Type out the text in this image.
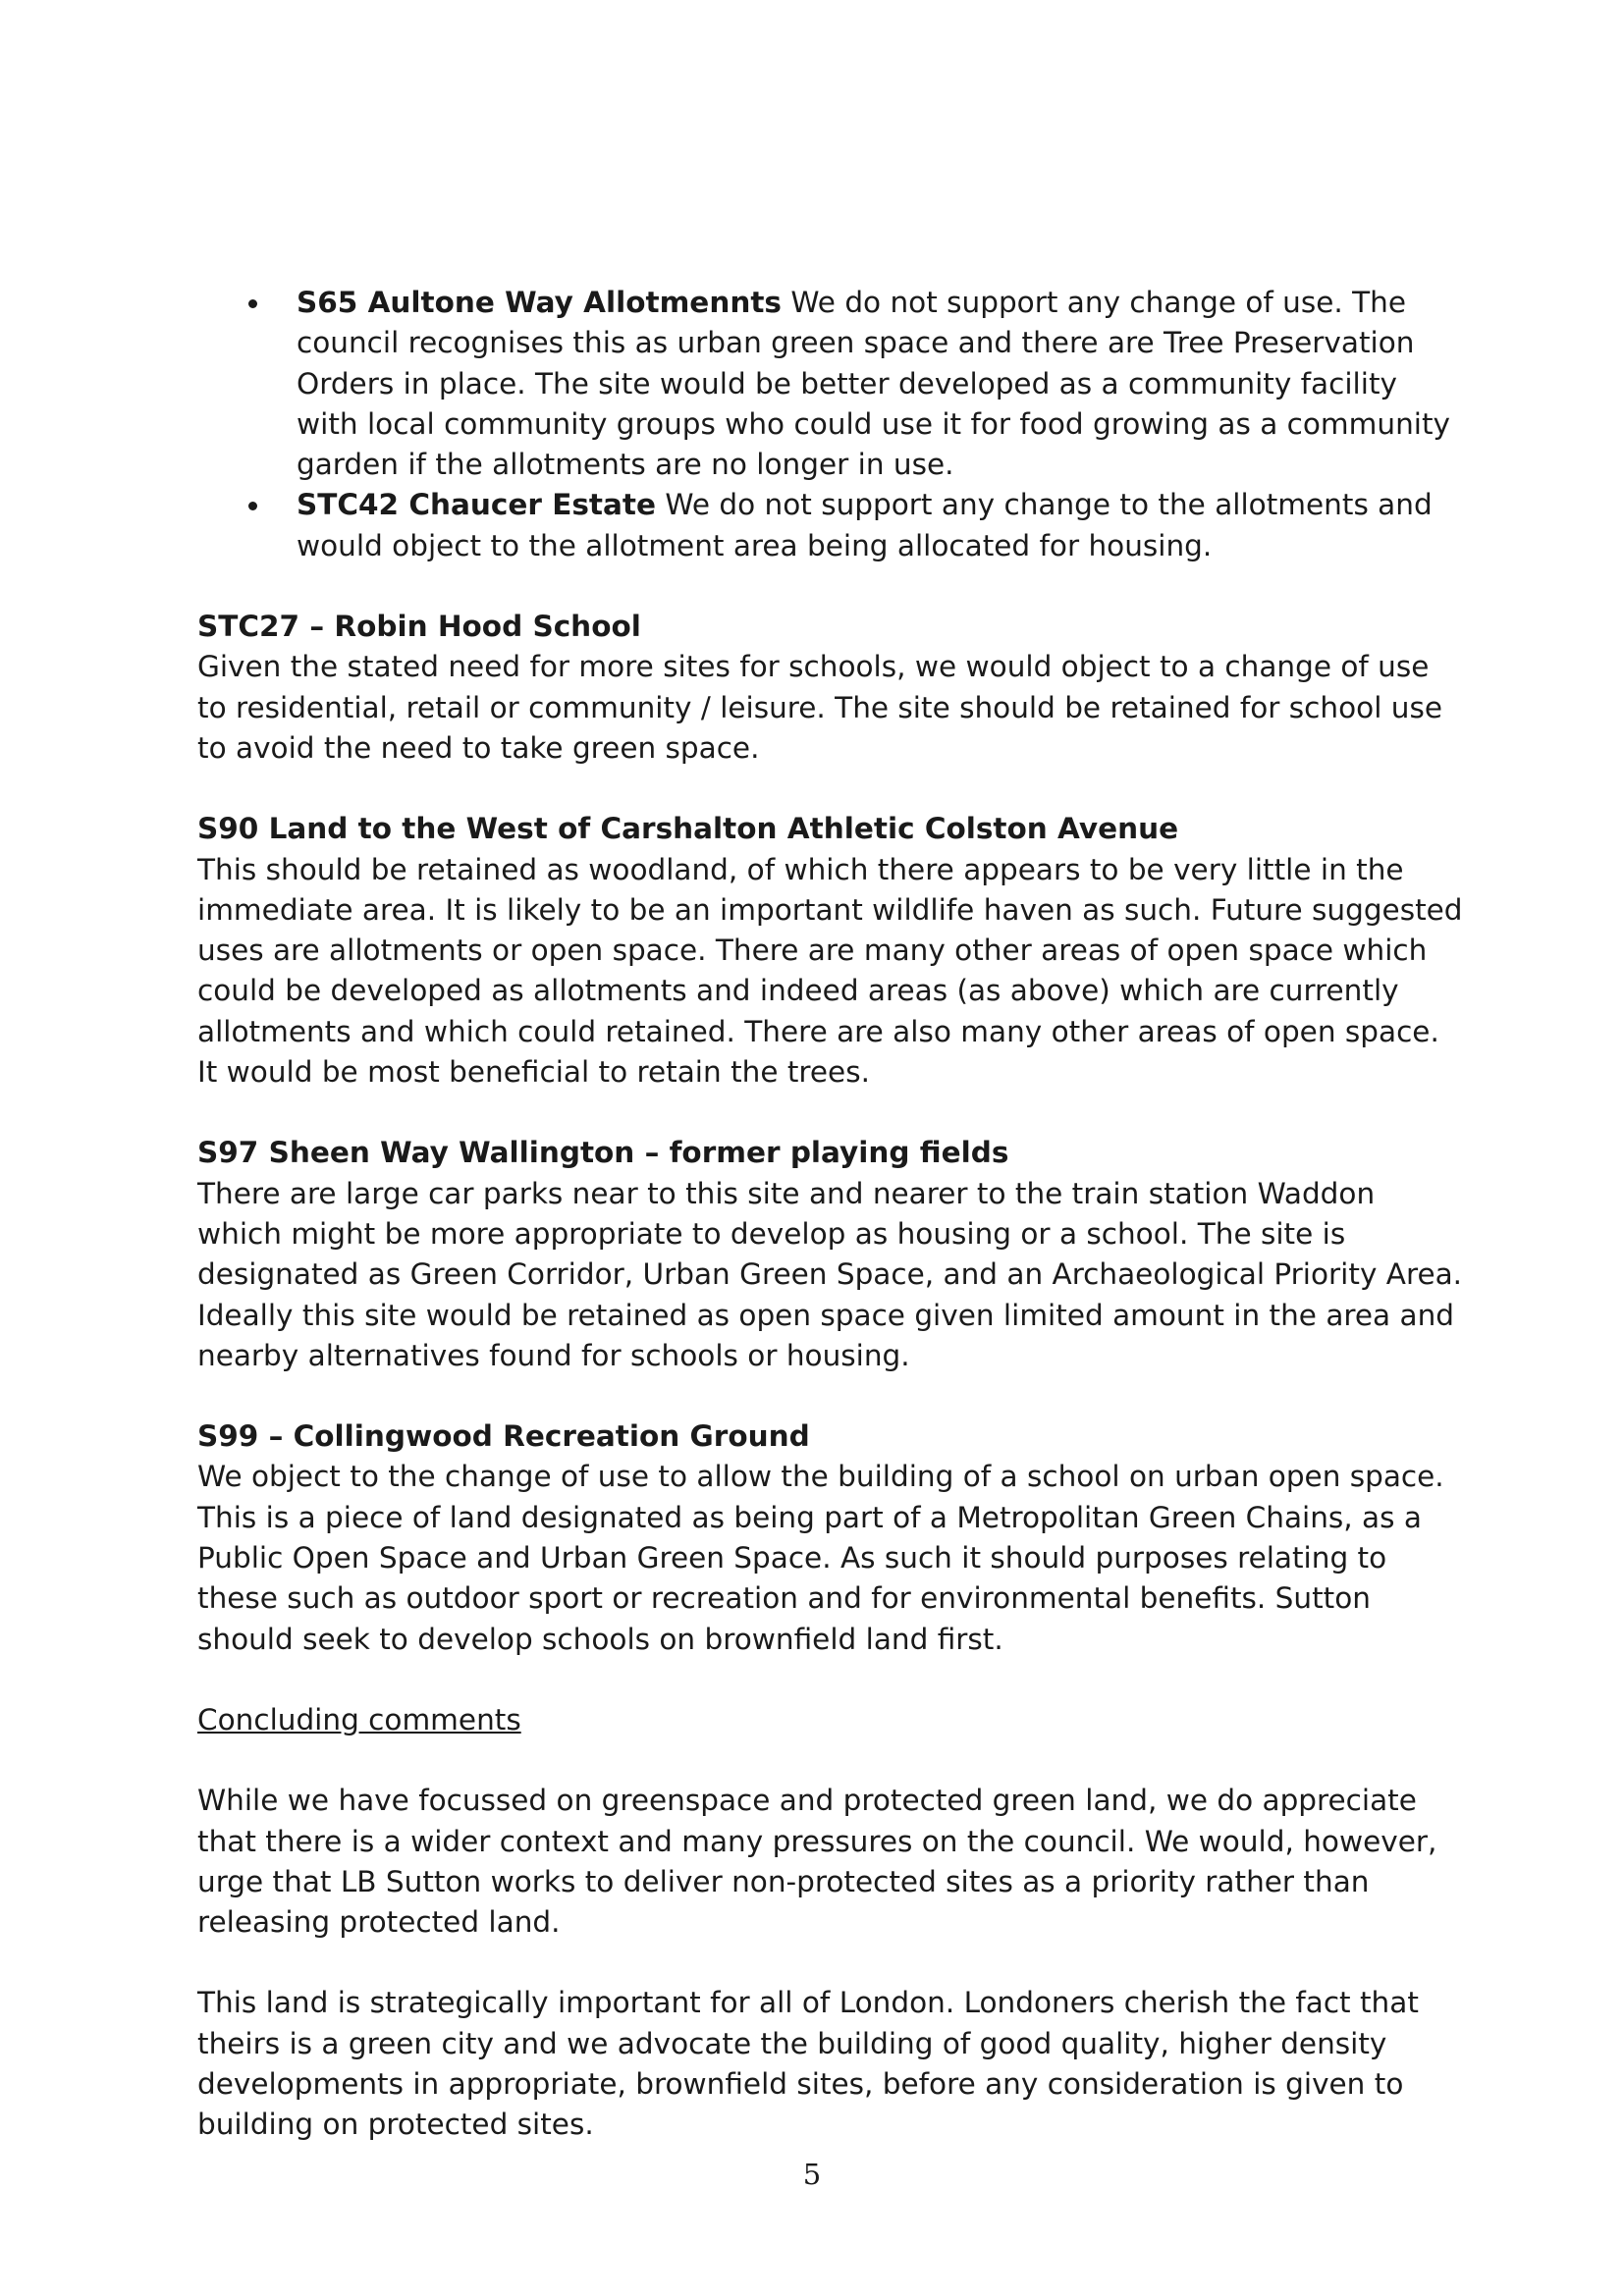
S65 Aultone Way Allotmennts We do not support any change of use. The council recognises this as urban green space and there are Tree Preservation Orders in place. The site would be better developed as a community facility with local community groups who could use it for food growing as a community garden if the allotments are no longer in use.
STC42 Chaucer Estate We do not support any change to the allotments and would object to the allotment area being allocated for housing.
STC27 – Robin Hood School

Given the stated need for more sites for schools, we would object to a change of use to residential, retail or community / leisure. The site should be retained for school use to avoid the need to take green space.

S90 Land to the West of Carshalton Athletic Colston Avenue

This should be retained as woodland, of which there appears to be very little in the immediate area. It is likely to be an important wildlife haven as such. Future suggested uses are allotments or open space. There are many other areas of open space which could be developed as allotments and indeed areas (as above) which are currently allotments and which could retained. There are also many other areas of open space. It would be most beneficial to retain the trees.

S97 Sheen Way Wallington – former playing fields

There are large car parks near to this site and nearer to the train station Waddon which might be more appropriate to develop as housing or a school. The site is designated as Green Corridor, Urban Green Space, and an Archaeological Priority Area. Ideally this site would be retained as open space given limited amount in the area and nearby alternatives found for schools or housing.

S99 – Collingwood Recreation Ground

We object to the change of use to allow the building of a school on urban open space. This is a piece of land designated as being part of a Metropolitan Green Chains, as a Public Open Space and Urban Green Space. As such it should purposes relating to these such as outdoor sport or recreation and for environmental benefits. Sutton should seek to develop schools on brownfield land first.

Concluding comments

While we have focussed on greenspace and protected green land, we do appreciate that there is a wider context and many pressures on the council. We would, however, urge that LB Sutton works to deliver non-protected sites as a priority rather than releasing protected land.

This land is strategically important for all of London. Londoners cherish the fact that theirs is a green city and we advocate the building of good quality, higher density developments in appropriate, brownfield sites, before any consideration is given to building on protected sites.

5
